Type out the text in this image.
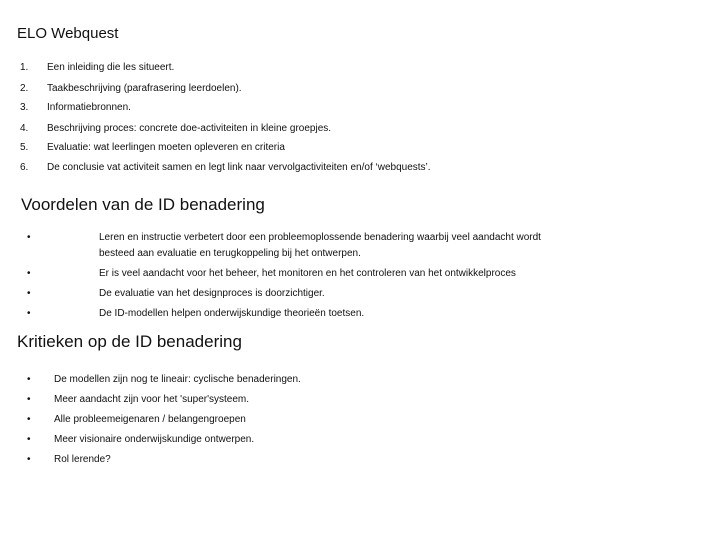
ELO Webquest
1.	Een inleiding die les situeert.
2.	Taakbeschrijving (parafrasering leerdoelen).
3.	Informatiebronnen.
4.	Beschrijving proces: concrete doe-activiteiten in kleine groepjes.
5.	Evaluatie: wat leerlingen moeten opleveren en criteria
6.	De conclusie vat activiteit samen en legt link naar vervolgactiviteiten en/of ‘webquests’.
Voordelen van de ID benadering
•	Leren en instructie verbetert door een probleemoplossende benadering waarbij veel aandacht wordt
besteed aan evaluatie en terugkoppeling bij het ontwerpen.
•	Er is veel aandacht voor het beheer, het monitoren en het controleren van het ontwikkelproces
•	De evaluatie van het designproces is doorzichtiger.
•	De ID-modellen helpen onderwijskundige theorieën toetsen.
Kritieken op de ID benadering
• De modellen zijn nog te lineair: cyclische benaderingen.
• Meer aandacht zijn voor het 'super'systeem.
• Alle probleemeigenaren / belangengroepen
• Meer visionaire onderwijskundige ontwerpen.
• Rol lerende?
